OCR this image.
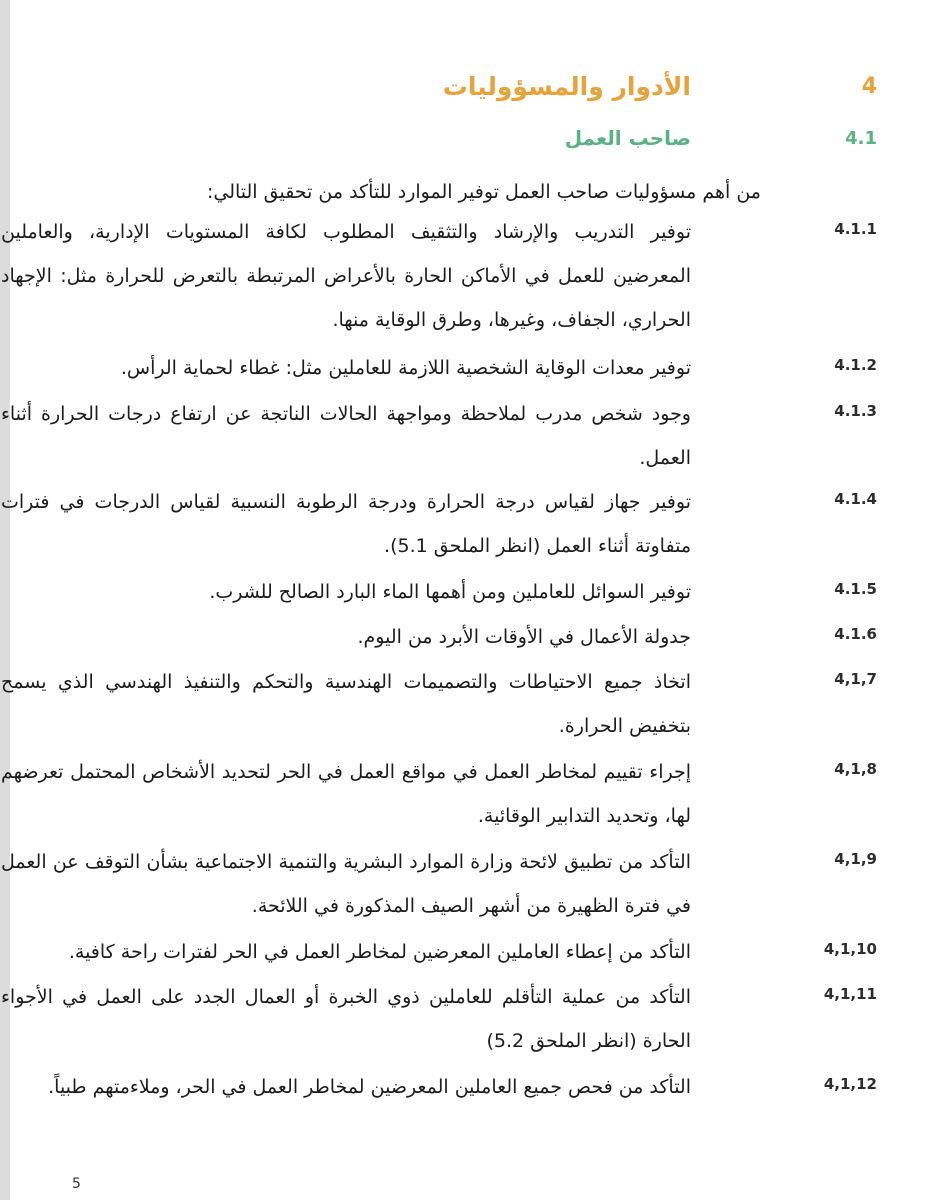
4
الأدوار والمسؤوليات
4.1
صاحب العمل

من أهم مسؤوليات صاحب العمل توفير الموارد للتأكد من تحقيق التالي:

4.1.1

توفير التدريب والإرشاد والتثقيف المطلوب لكافة المستويات الإدارية، والعاملين المعرضين للعمل في الأماكن الحارة بالأعراض المرتبطة بالتعرض للحرارة مثل: الإجهاد الحراري، الجفاف، وغيرها، وطرق الوقاية منها.

4.1.2

توفير معدات الوقاية الشخصية اللازمة للعاملين مثل: غطاء لحماية الرأس.

4.1.3

وجود شخص مدرب لملاحظة ومواجهة الحالات الناتجة عن ارتفاع درجات الحرارة أثناء العمل.

4.1.4

توفير جهاز لقياس درجة الحرارة ودرجة الرطوبة النسبية لقياس الدرجات في فترات متفاوتة أثناء العمل (انظر الملحق 5.1).

4.1.5

توفير السوائل للعاملين ومن أهمها الماء البارد الصالح للشرب.

4.1.6

جدولة الأعمال في الأوقات الأبرد من اليوم.

4,1,7

اتخاذ جميع الاحتياطات والتصميمات الهندسية والتحكم والتنفيذ الهندسي الذي يسمح بتخفيض الحرارة.

4,1,8

إجراء تقييم لمخاطر العمل في مواقع العمل في الحر لتحديد الأشخاص المحتمل تعرضهم لها، وتحديد التدابير الوقائية.

4,1,9

التأكد من تطبيق لائحة وزارة الموارد البشرية والتنمية الاجتماعية بشأن التوقف عن العمل في فترة الظهيرة من أشهر الصيف المذكورة في اللائحة.

4,1,10

التأكد من إعطاء العاملين المعرضين لمخاطر العمل في الحر لفترات راحة كافية.

4,1,11

التأكد من عملية التأقلم للعاملين ذوي الخبرة أو العمال الجدد على العمل في الأجواء الحارة (انظر الملحق 5.2)

4,1,12

التأكد من فحص جميع العاملين المعرضين لمخاطر العمل في الحر، وملاءمتهم طبياً.

5
